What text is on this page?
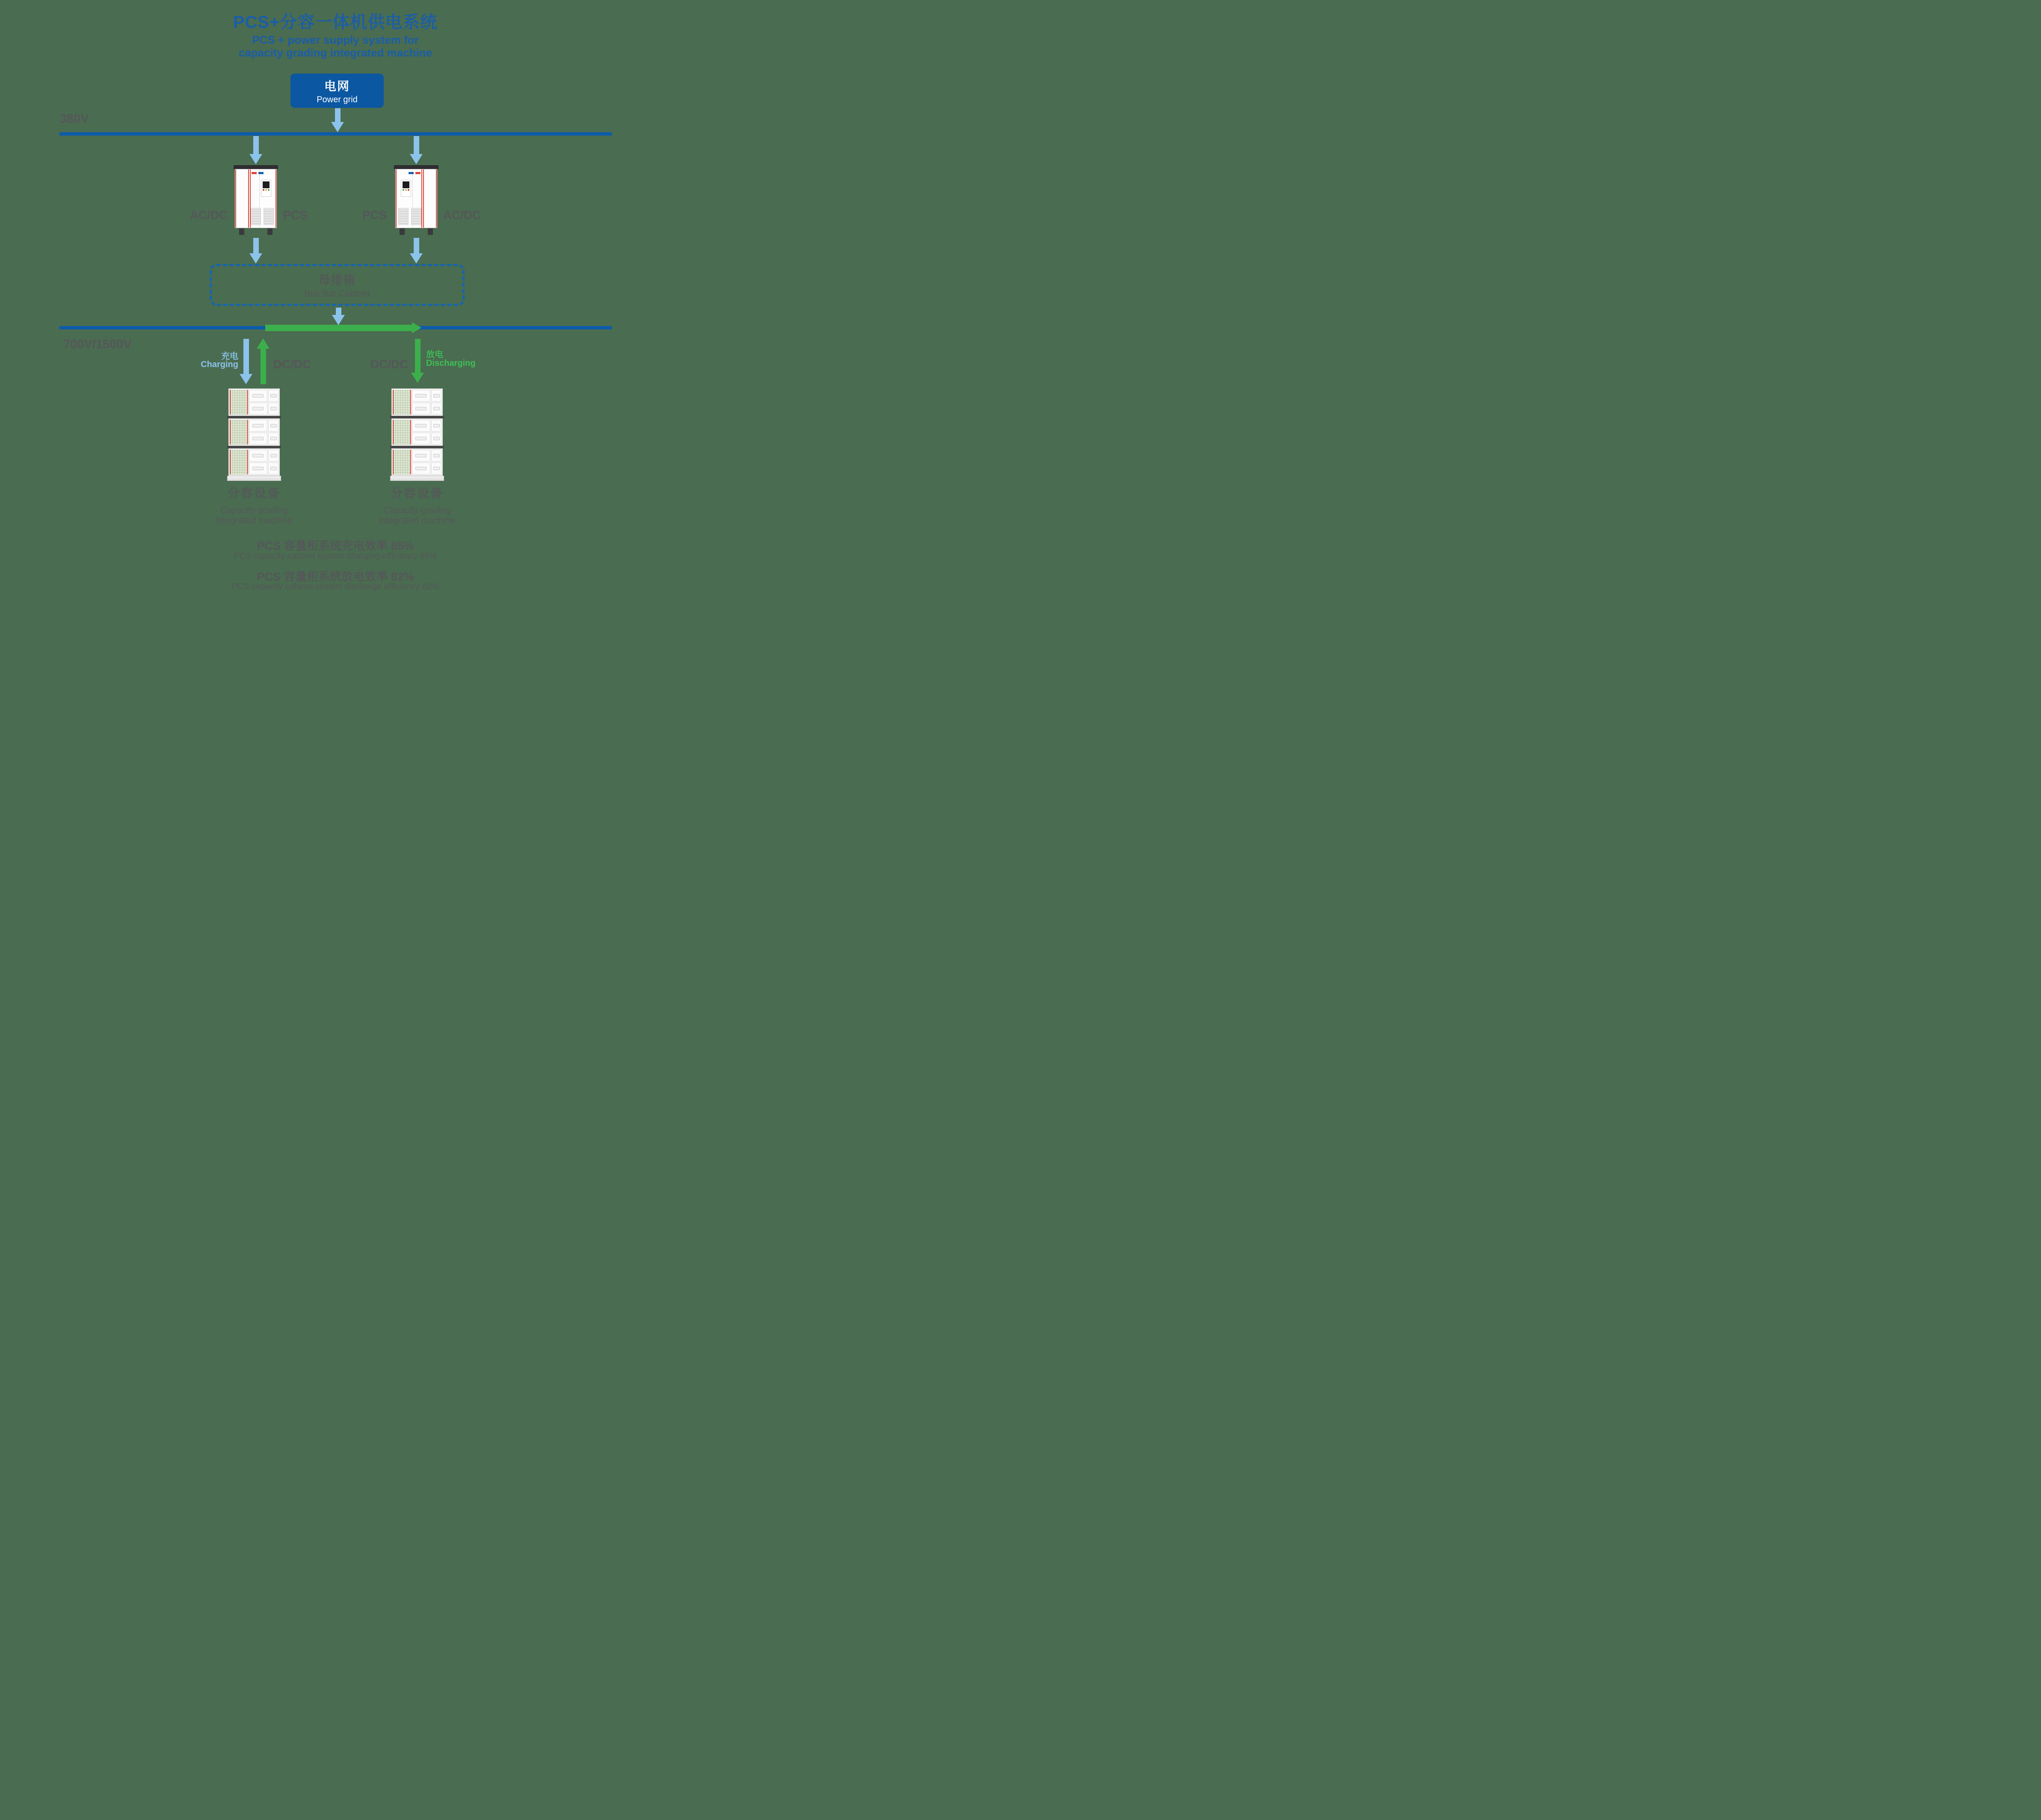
PCS+分容一体机供电系统
PCS + power supply system for
capacity grading integrated machine
电网
Power grid
380V
AC/DC	PCS	PCS	AC/DC
母排箱
Bus Bar Cabinet
700V/1500V
充电
Charging	DC/DC	DC/DC
放电
Discharging
分容设备
Capacity grading
integrated machine
分容设备
Capacity grading
integrated machine
PCS 容量柜系统充电效率 85%
PCS capacity cabinet system charging efficiency 85%
PCS 容量柜系统放电效率 82%
PCS capacity cabinet system discharge efficiency 82%
